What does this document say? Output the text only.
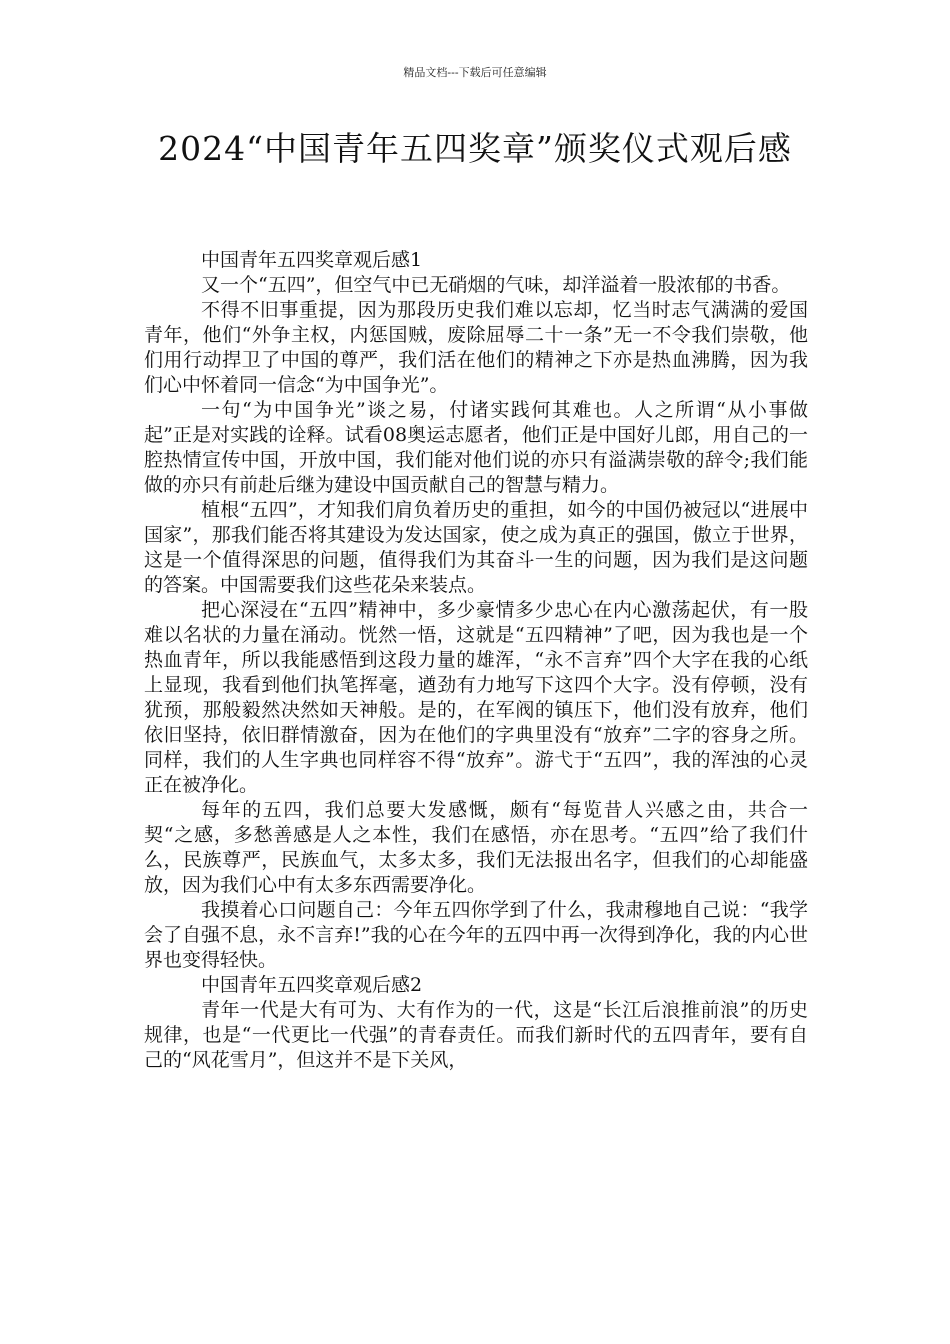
精品文档---下载后可任意编辑
2024“中国青年五四奖章”颁奖仪式观后感

中国青年五四奖章观后感1

又一个“五四”，但空气中已无硝烟的气味，却洋溢着一股浓郁的书香。

不得不旧事重提，因为那段历史我们难以忘却，忆当时志气满满的爱国青年，他们“外争主权，内惩国贼，废除屈辱二十一条”无一不令我们崇敬，他们用行动捍卫了中国的尊严，我们活在他们的精神之下亦是热血沸腾，因为我们心中怀着同一信念“为中国争光”。

一句“为中国争光”谈之易，付诸实践何其难也。人之所谓“从小事做起”正是对实践的诠释。试看08奥运志愿者，他们正是中国好儿郎，用自己的一腔热情宣传中国，开放中国，我们能对他们说的亦只有溢满崇敬的辞令;我们能做的亦只有前赴后继为建设中国贡献自己的智慧与精力。

植根“五四”，才知我们肩负着历史的重担，如今的中国仍被冠以“进展中国家”，那我们能否将其建设为发达国家，使之成为真正的强国，傲立于世界，这是一个值得深思的问题，值得我们为其奋斗一生的问题，因为我们是这问题的答案。中国需要我们这些花朵来装点。

把心深浸在“五四”精神中，多少豪情多少忠心在内心激荡起伏，有一股难以名状的力量在涌动。恍然一悟，这就是“五四精神”了吧，因为我也是一个热血青年，所以我能感悟到这段力量的雄浑，“永不言弃”四个大字在我的心纸上显现，我看到他们执笔挥毫，遒劲有力地写下这四个大字。没有停顿，没有犹预，那般毅然决然如天神般。是的，在军阀的镇压下，他们没有放弃，他们依旧坚持，依旧群情激奋，因为在他们的字典里没有“放弃”二字的容身之所。同样，我们的人生字典也同样容不得“放弃”。游弋于“五四”，我的浑浊的心灵正在被净化。

每年的五四，我们总要大发感慨，颇有“每览昔人兴感之由，共合一契“之感，多愁善感是人之本性，我们在感悟，亦在思考。“五四”给了我们什么，民族尊严，民族血气，太多太多，我们无法报出名字，但我们的心却能盛放，因为我们心中有太多东西需要净化。

我摸着心口问题自己：今年五四你学到了什么，我肃穆地自己说：“我学会了自强不息，永不言弃!”我的心在今年的五四中再一次得到净化，我的内心世界也变得轻快。

中国青年五四奖章观后感2

青年一代是大有可为、大有作为的一代，这是“长江后浪推前浪”的历史规律，也是“一代更比一代强”的青春责任。而我们新时代的五四青年，要有自己的“风花雪月”，但这并不是下关风，
